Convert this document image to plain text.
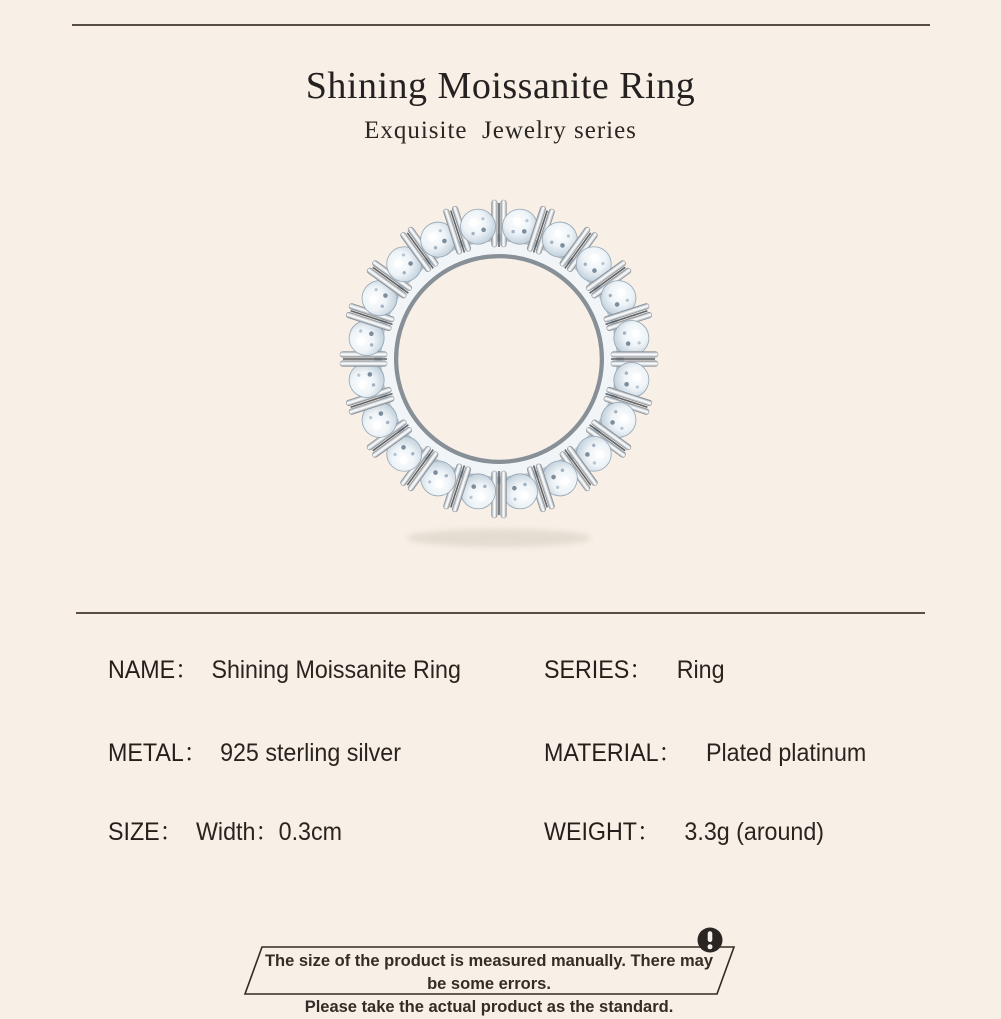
Shining Moissanite Ring
Exquisite  Jewelry series
NAME： Shining Moissanite Ring	SERIES： Ring
METAL： 925 sterling silver	MATERIAL： Plated platinum
SIZE： Width：0.3cm	WEIGHT： 3.3g (around)
The size of the product is measured manually. There may be some errors.
Please take the actual product as the standard.
